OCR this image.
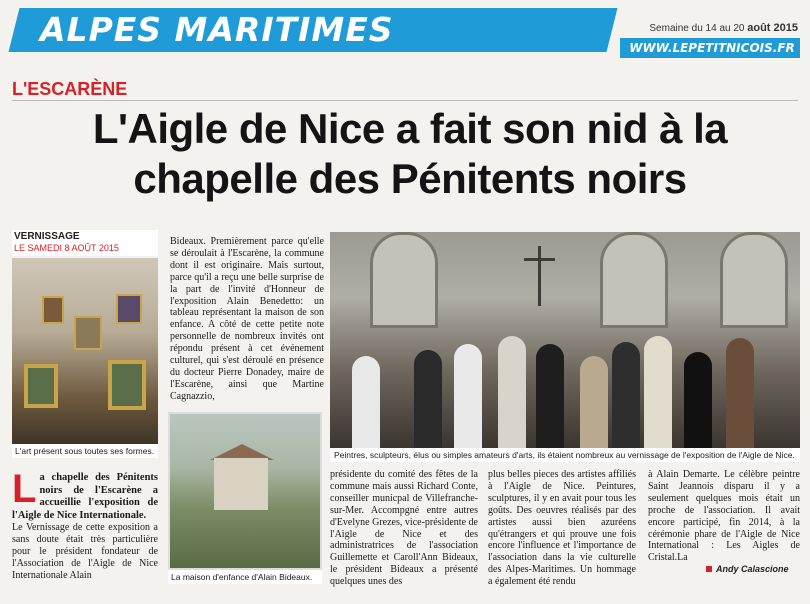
ALPES MARITIMES	Semaine du 14 au 20 août 2015
WWW.LEPETITNICOIS.FR
L'ESCARÈNE
L'Aigle de Nice a fait son nid à la
chapelle des Pénitents noirs
VERNISSAGE
LE SAMEDI 8 AOÛT 2015
L'art présent sous toutes ses formes.
La maison d'enfance d'Alain Bideaux.
Peintres, sculpteurs, élus ou simples amateurs d'arts, ils étaient nombreux au vernissage de l'exposition de l'Aigle de Nice.
Bideaux. Premièrement parce qu'elle se déroulait à l'Escarène, la commune dont il est originaire. Mais surtout, parce qu'il a reçu une belle surprise de la part de l'invité d'Honneur de l'exposition Alain Benedetto: un tableau représentant la maison de son enfance. A côté de cette petite note personnelle de nombreux invités ont répondu présent à cet événement culturel, qui s'est déroulé en présence du docteur Pierre Donadey, maire de l'Escarène, ainsi que Martine Cagnazzio,
L a chapelle des Pénitents noirs de l'Escarène a accueillie l'exposition de l'Aigle de Nice Internationale.
Le Vernissage de cette exposition a sans doute était très particulière pour le président fondateur de l'Association de l'Aigle de Nice Internationale Alain
présidente du comité des fêtes de la commune mais aussi Richard Conte, conseiller municpal de Villefranche-sur-Mer. Accompgné entre autres d'Evelyne Grezes, vice-présidente de l'Aigle de Nice et des administratrices de l'association Guillemette et Caroll'Ann Bideaux, le président Bideaux a présenté quelques unes des
plus belles pieces des artistes affiliés à l'Aigle de Nice. Peintures, sculptures, il y en avait pour tous les goûts. Des oeuvres réalisés par des artistes aussi bien azuréens qu'étrangers et qui prouve une fois encore l'influence et l'importance de l'association dans la vie culturelle des Alpes-Maritimes. Un hommage a également été rendu
à Alain Demarte. Le célèbre peintre Saint Jeannois disparu il y a seulement quelques mois était un proche de l'association. Il avait encore participé, fin 2014, à la cérémonie phare de l'Aigle de Nice International : Les Aigles de Cristal.La
Andy Calascione
